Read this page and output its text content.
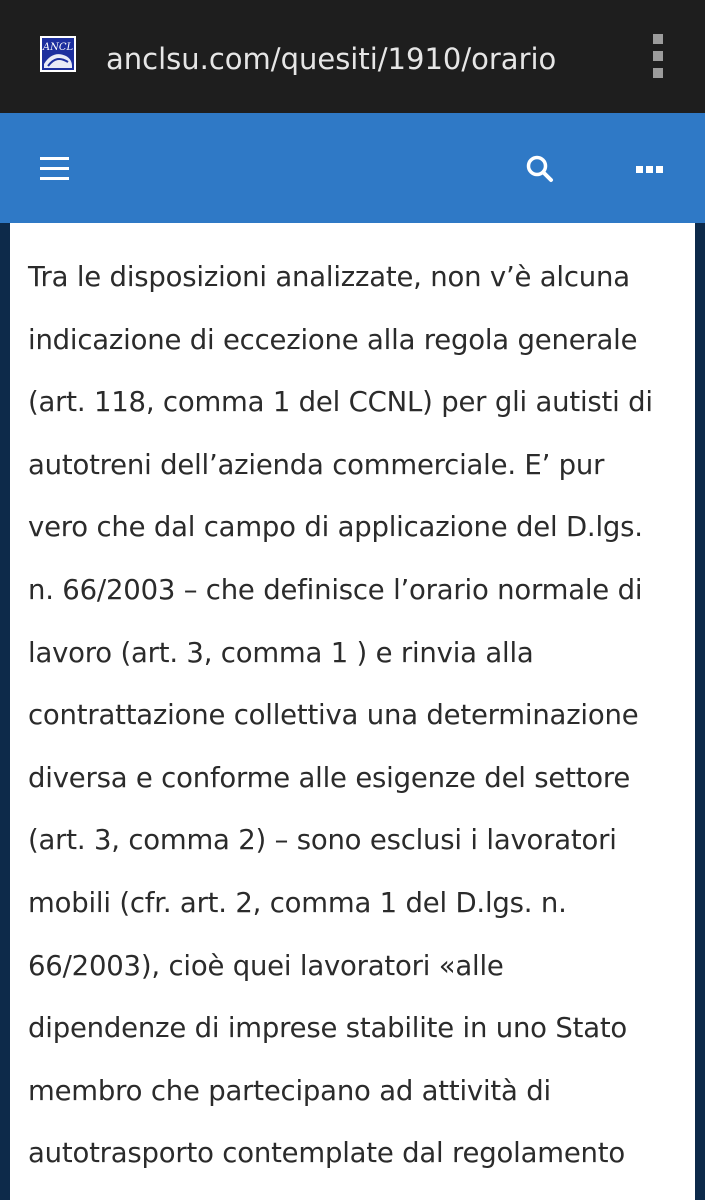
ANCL anclsu.com/quesiti/1910/orario

Tra le disposizioni analizzate, non v’è alcuna
indicazione di eccezione alla regola generale
(art. 118, comma 1 del CCNL) per gli autisti di
autotreni dell’azienda commerciale. E’ pur
vero che dal campo di applicazione del D.lgs.
n. 66/2003 – che definisce l’orario normale di
lavoro (art. 3, comma 1 ) e rinvia alla
contrattazione collettiva una determinazione
diversa e conforme alle esigenze del settore
(art. 3, comma 2) – sono esclusi i lavoratori
mobili (cfr. art. 2, comma 1 del D.lgs. n.
66/2003), cioè quei lavoratori «alle
dipendenze di imprese stabilite in uno Stato
membro che partecipano ad attività di
autotrasporto contemplate dal regolamento
